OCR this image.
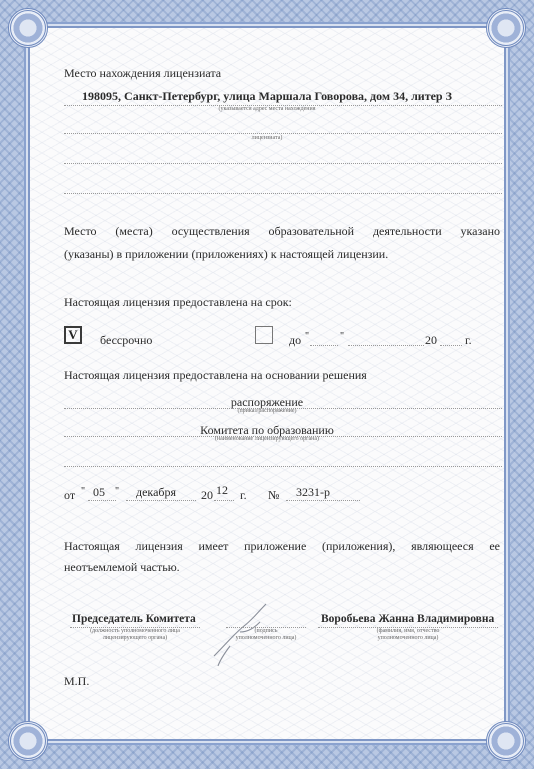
Место нахождения лицензиата
198095, Санкт-Петербург, улица Маршала Говорова, дом 34, литер З
(указывается адрес места нахождения
лицензиата)
Место (места) осуществления образовательной деятельности указано
(указаны) в приложении (приложениях) к настоящей лицензии.
Настоящая лицензия предоставлена на срок:
V	бессрочно	до "	"	20 г.
Настоящая лицензия предоставлена на основании решения
распоряжение
(приказ/распоряжение)
Комитета по образованию
(наименование лицензирующего органа)
от " 05 " декабря 20 12 г. № 3231-р
Настоящая лицензия имеет приложение (приложения), являющееся ее
неотъемлемой частью.
Председатель Комитета
(должность уполномоченного лица
лицензирующего органа)
(подпись
уполномоченного лица)
Воробьева Жанна Владимировна
(фамилия, имя, отчество
уполномоченного лица)
М.П.
